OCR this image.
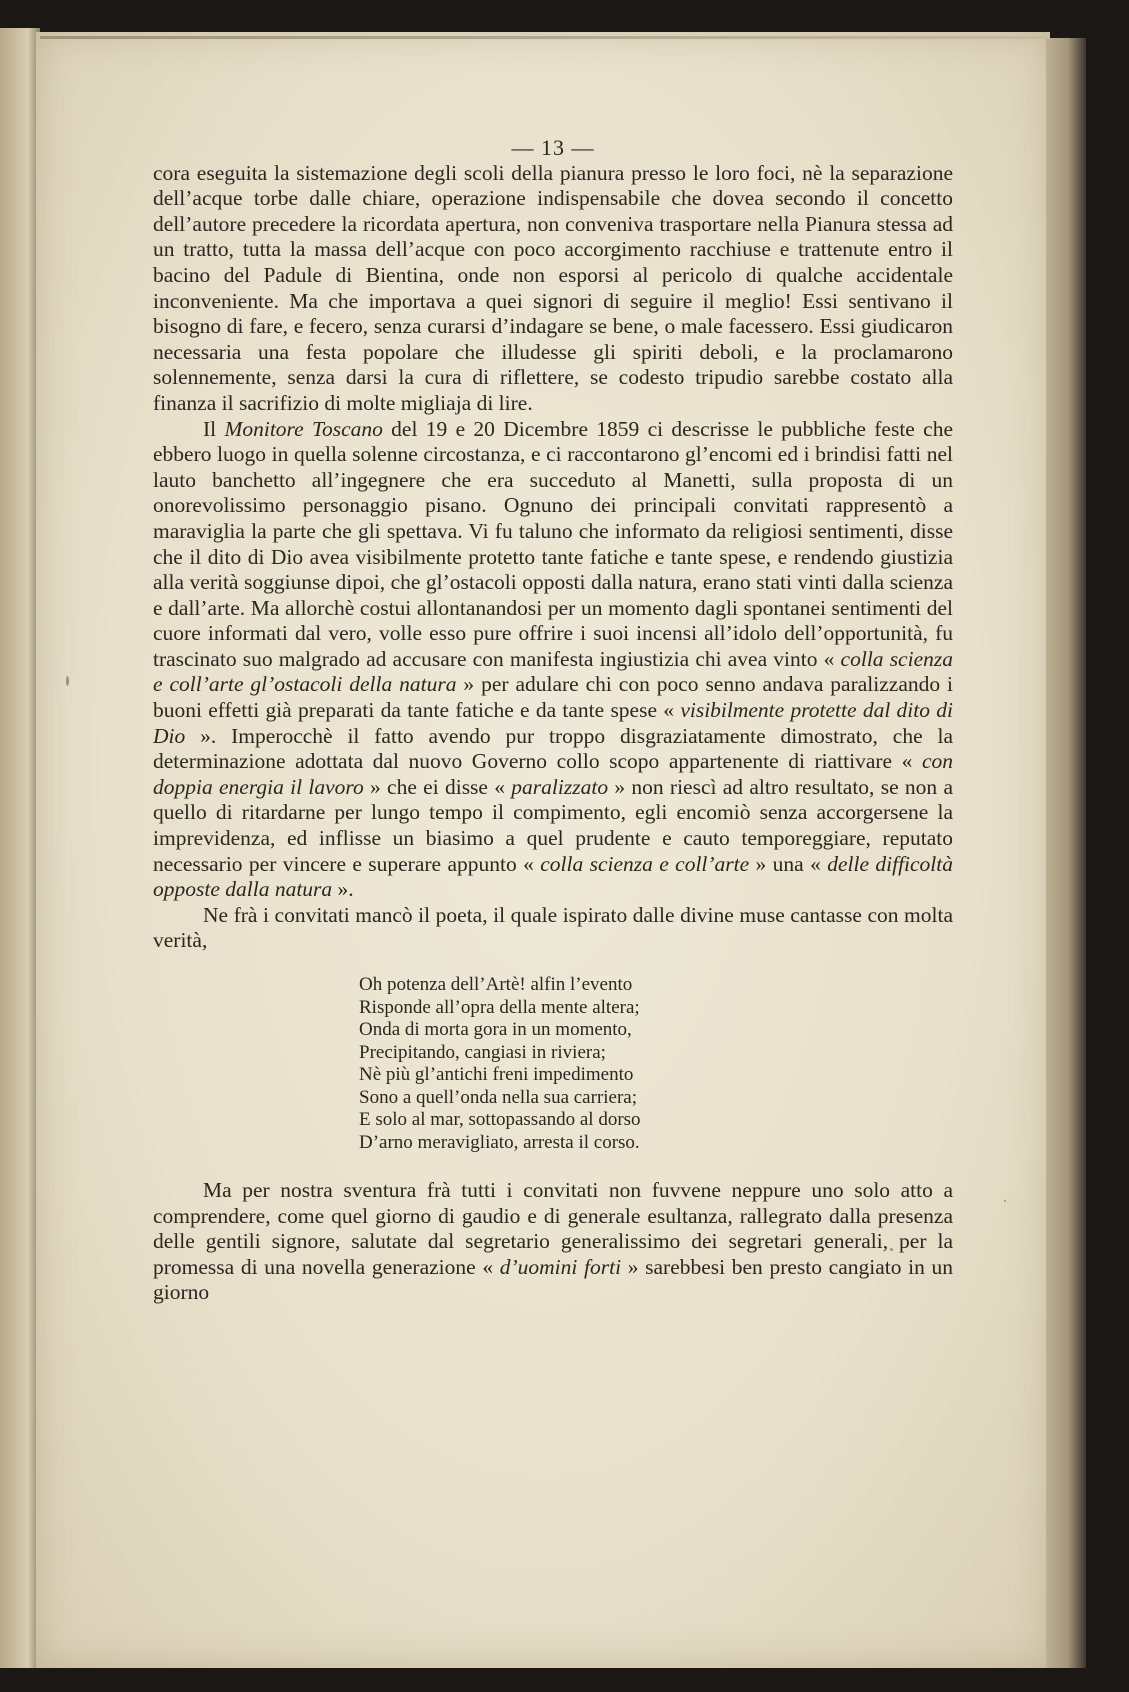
— 13 —

cora eseguita la sistemazione degli scoli della pianura presso le loro foci, nè la separazione dell’acque torbe dalle chiare, operazione indispensabile che dovea secondo il concetto dell’autore precedere la ricordata apertura, non conveniva trasportare nella Pianura stessa ad un tratto, tutta la massa dell’acque con poco accorgimento racchiuse e trattenute entro il bacino del Padule di Bientina, onde non esporsi al pericolo di qualche accidentale inconveniente. Ma che importava a quei signori di seguire il meglio! Essi sentivano il bisogno di fare, e fecero, senza curarsi d’indagare se bene, o male facessero. Essi giudicaron necessaria una festa popolare che illudesse gli spiriti deboli, e la proclamarono solennemente, senza darsi la cura di riflettere, se codesto tripudio sarebbe costato alla finanza il sacrifizio di molte migliaja di lire.

Il Monitore Toscano del 19 e 20 Dicembre 1859 ci descrisse le pubbliche feste che ebbero luogo in quella solenne circostanza, e ci raccontarono gl’encomi ed i brindisi fatti nel lauto banchetto all’ingegnere che era succeduto al Manetti, sulla proposta di un onorevolissimo personaggio pisano. Ognuno dei principali convitati rappresentò a maraviglia la parte che gli spettava. Vi fu taluno che informato da religiosi sentimenti, disse che il dito di Dio avea visibilmente protetto tante fatiche e tante spese, e rendendo giustizia alla verità soggiunse dipoi, che gl’ostacoli opposti dalla natura, erano stati vinti dalla scienza e dall’arte. Ma allorchè costui allontanandosi per un momento dagli spontanei sentimenti del cuore informati dal vero, volle esso pure offrire i suoi incensi all’idolo dell’opportunità, fu trascinato suo malgrado ad accusare con manifesta ingiustizia chi avea vinto « colla scienza e coll’arte gl’ostacoli della natura » per adulare chi con poco senno andava paralizzando i buoni effetti già preparati da tante fatiche e da tante spese « visibilmente protette dal dito di Dio ». Imperocchè il fatto avendo pur troppo disgraziatamente dimostrato, che la determinazione adottata dal nuovo Governo collo scopo appartenente di riattivare « con doppia energia il lavoro » che ei disse « paralizzato » non riescì ad altro resultato, se non a quello di ritardarne per lungo tempo il compimento, egli encomiò senza accorgersene la imprevidenza, ed inflisse un biasimo a quel prudente e cauto temporeggiare, reputato necessario per vincere e superare appunto « colla scienza e coll’arte » una « delle difficoltà opposte dalla natura ».

Ne frà i convitati mancò il poeta, il quale ispirato dalle divine muse cantasse con molta verità,

Oh potenza dell’Artè! alfin l’evento
Risponde all’opra della mente altera;
Onda di morta gora in un momento,
Precipitando, cangiasi in riviera;
Nè più gl’antichi freni impedimento
Sono a quell’onda nella sua carriera;
E solo al mar, sottopassando al dorso
D’arno meravigliato, arresta il corso.

Ma per nostra sventura frà tutti i convitati non fuvvene neppure uno solo atto a comprendere, come quel giorno di gaudio e di generale esultanza, rallegrato dalla presenza delle gentili signore, salutate dal segretario generalissimo dei segretari generali, per la promessa di una novella generazione « d’uomini forti » sarebbesi ben presto cangiato in un giorno
